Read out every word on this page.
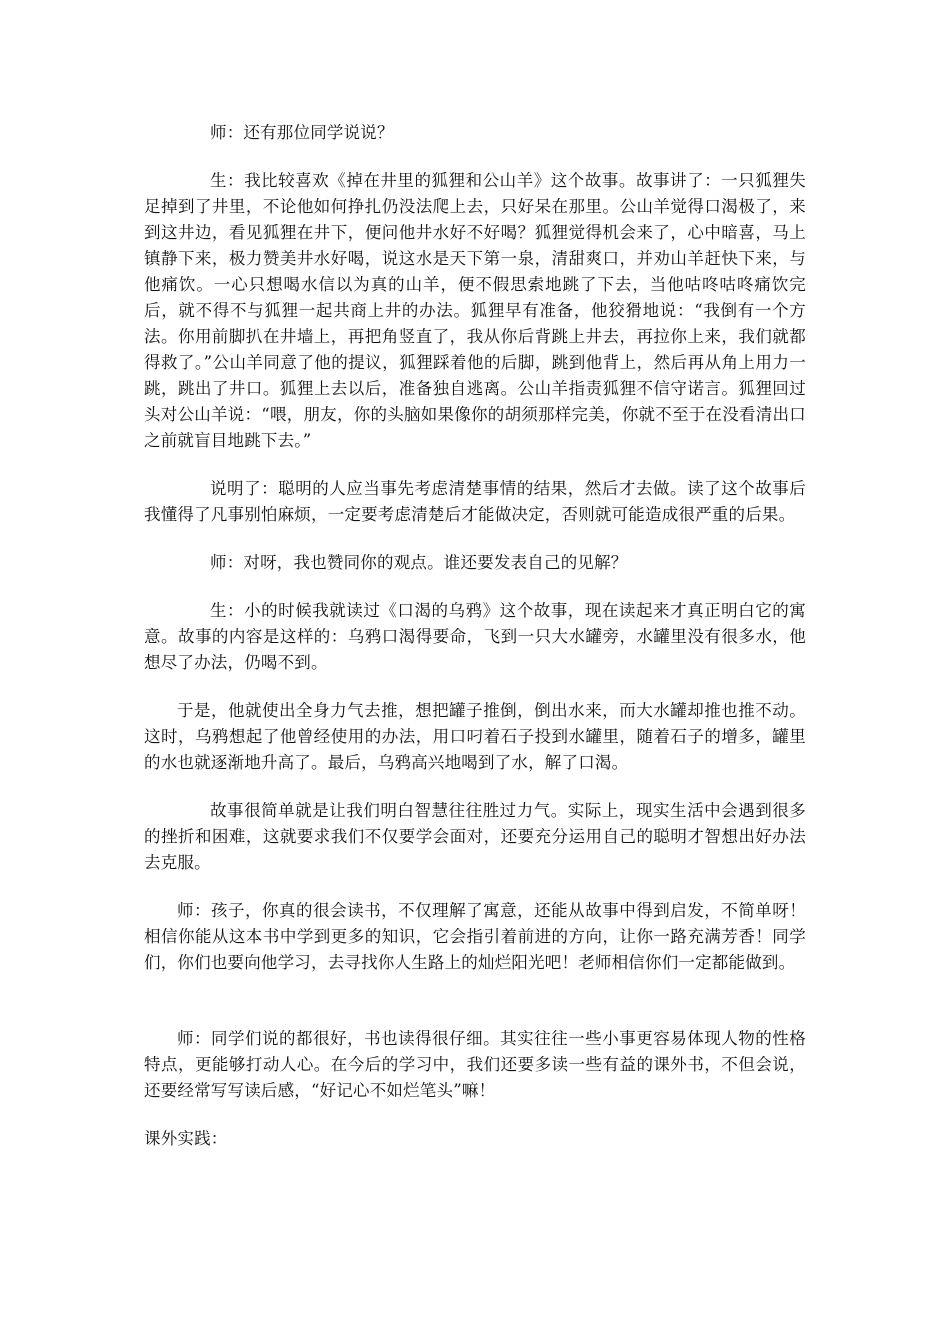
师：还有那位同学说说？

生：我比较喜欢《掉在井里的狐狸和公山羊》这个故事。故事讲了：一只狐狸失足掉到了井里，不论他如何挣扎仍没法爬上去，只好呆在那里。公山羊觉得口渴极了，来到这井边，看见狐狸在井下，便问他井水好不好喝？狐狸觉得机会来了，心中暗喜，马上镇静下来，极力赞美井水好喝，说这水是天下第一泉，清甜爽口，并劝山羊赶快下来，与他痛饮。一心只想喝水信以为真的山羊，便不假思索地跳了下去，当他咕咚咕咚痛饮完后，就不得不与狐狸一起共商上井的办法。狐狸早有准备，他狡猾地说：“我倒有一个方法。你用前脚扒在井墙上，再把角竖直了，我从你后背跳上井去，再拉你上来，我们就都得救了。”公山羊同意了他的提议，狐狸踩着他的后脚，跳到他背上，然后再从角上用力一跳，跳出了井口。狐狸上去以后，准备独自逃离。公山羊指责狐狸不信守诺言。狐狸回过头对公山羊说：“喂，朋友，你的头脑如果像你的胡须那样完美，你就不至于在没看清出口之前就盲目地跳下去。”

说明了：聪明的人应当事先考虑清楚事情的结果，然后才去做。读了这个故事后我懂得了凡事别怕麻烦，一定要考虑清楚后才能做决定，否则就可能造成很严重的后果。

师：对呀，我也赞同你的观点。谁还要发表自己的见解？

生：小的时候我就读过《口渴的乌鸦》这个故事，现在读起来才真正明白它的寓意。故事的内容是这样的：乌鸦口渴得要命，飞到一只大水罐旁，水罐里没有很多水，他想尽了办法，仍喝不到。

于是，他就使出全身力气去推，想把罐子推倒，倒出水来，而大水罐却推也推不动。这时，乌鸦想起了他曾经使用的办法，用口叼着石子投到水罐里，随着石子的增多，罐里的水也就逐渐地升高了。最后，乌鸦高兴地喝到了水，解了口渴。

故事很简单就是让我们明白智慧往往胜过力气。实际上，现实生活中会遇到很多的挫折和困难，这就要求我们不仅要学会面对，还要充分运用自己的聪明才智想出好办法去克服。

师：孩子，你真的很会读书，不仅理解了寓意，还能从故事中得到启发，不简单呀！相信你能从这本书中学到更多的知识，它会指引着前进的方向，让你一路充满芳香！同学们，你们也要向他学习，去寻找你人生路上的灿烂阳光吧！老师相信你们一定都能做到。

师：同学们说的都很好，书也读得很仔细。其实往往一些小事更容易体现人物的性格特点，更能够打动人心。在今后的学习中，我们还要多读一些有益的课外书，不但会说，还要经常写写读后感，“好记心不如烂笔头”嘛！

课外实践：
